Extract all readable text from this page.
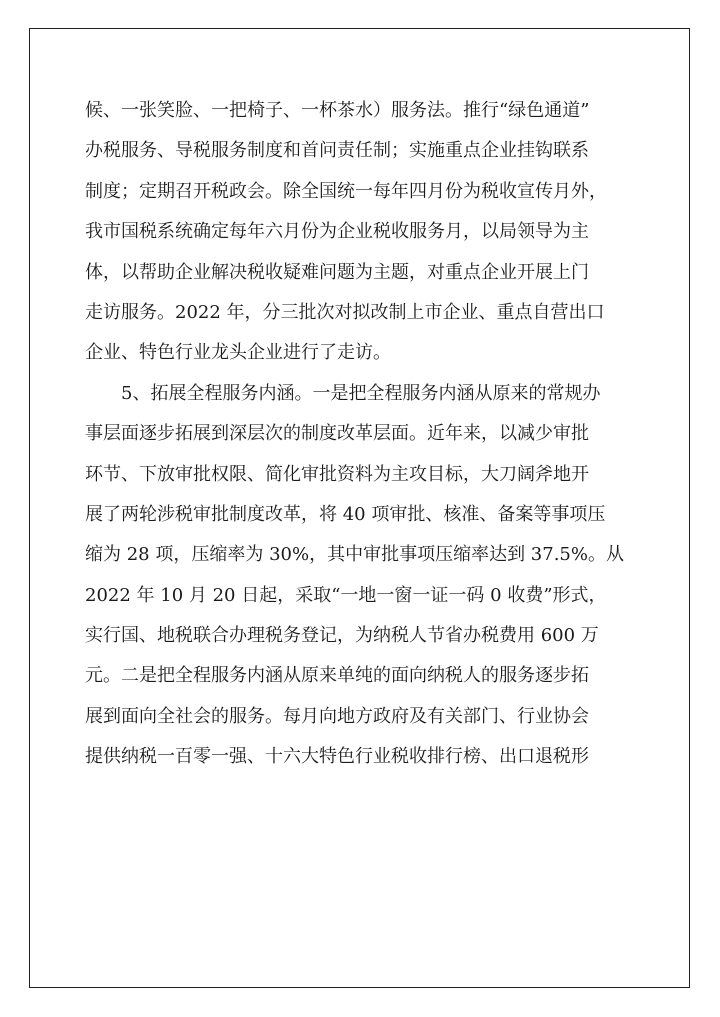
候、一张笑脸、一把椅子、一杯茶水）服务法。推行“绿色通道”
办税服务、导税服务制度和首问责任制；实施重点企业挂钩联系
制度；定期召开税政会。除全国统一每年四月份为税收宣传月外，
我市国税系统确定每年六月份为企业税收服务月，以局领导为主
体，以帮助企业解决税收疑难问题为主题，对重点企业开展上门
走访服务。2022 年，分三批次对拟改制上市企业、重点自营出口
企业、特色行业龙头企业进行了走访。
　　5、拓展全程服务内涵。一是把全程服务内涵从原来的常规办
事层面逐步拓展到深层次的制度改革层面。近年来，以减少审批
环节、下放审批权限、简化审批资料为主攻目标，大刀阔斧地开
展了两轮涉税审批制度改革，将 40 项审批、核准、备案等事项压
缩为 28 项，压缩率为 30%，其中审批事项压缩率达到 37.5%。从
2022 年 10 月 20 日起，采取“一地一窗一证一码 0 收费”形式，
实行国、地税联合办理税务登记，为纳税人节省办税费用 600 万
元。二是把全程服务内涵从原来单纯的面向纳税人的服务逐步拓
展到面向全社会的服务。每月向地方政府及有关部门、行业协会
提供纳税一百零一强、十六大特色行业税收排行榜、出口退税形
